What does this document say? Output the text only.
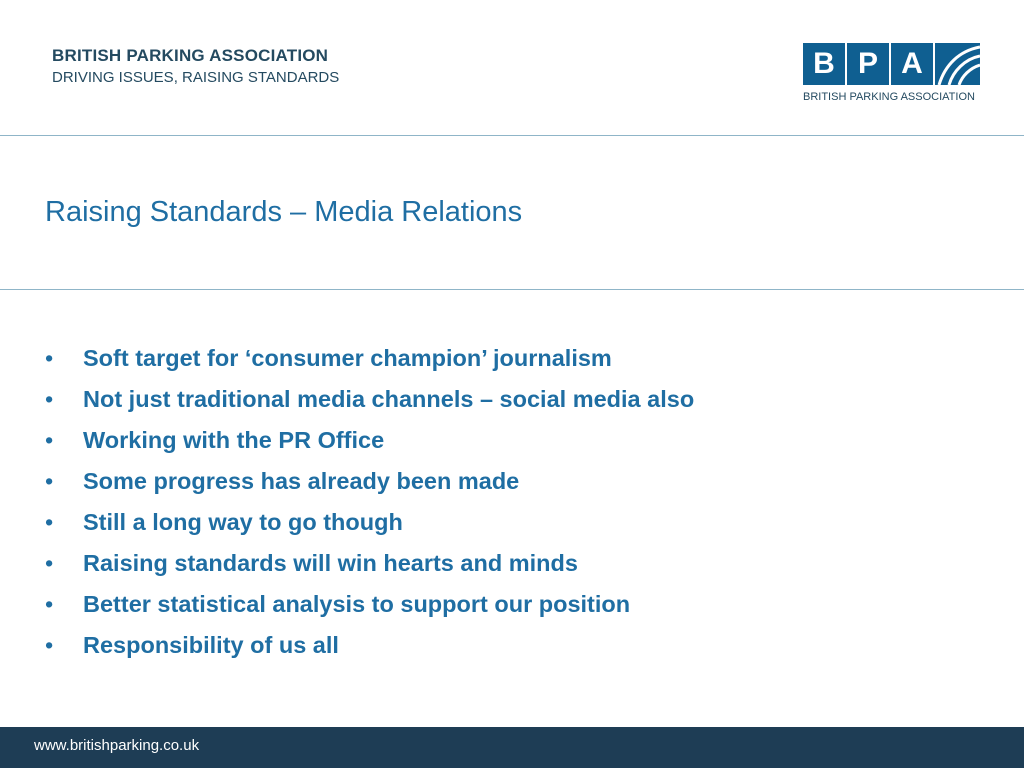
BRITISH PARKING ASSOCIATION
DRIVING ISSUES, RAISING STANDARDS	B P A
BRITISH PARKING ASSOCIATION
Raising Standards – Media Relations
• Soft target for ‘consumer champion’ journalism
• Not just traditional media channels – social media also
• Working with the PR Office
• Some progress has already been made
• Still a long way to go though
• Raising standards will win hearts and minds
• Better statistical analysis to support our position
• Responsibility of us all
www.britishparking.co.uk
